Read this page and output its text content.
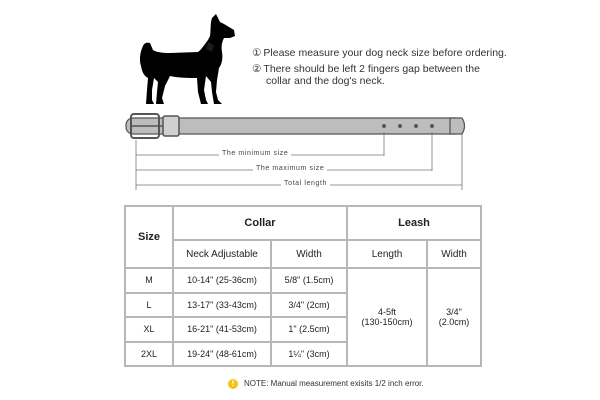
① Please measure your dog neck size before ordering.
② There should be left 2 fingers gap between the
collar and the dog's neck.
The minimum size
The maximum size
Total length
Size	Collar		Leash	
	Neck Adjustable	Width	Length	Width
M	10-14" (25-36cm)	5/8" (1.5cm)	4-5ft
(130-150cm)	3/4"
(2.0cm)
L	13-17" (33-43cm)	3/4" (2cm)		
XL	16-21" (41-53cm)	1" (2.5cm)		
2XL	19-24" (48-61cm)	1¼" (3cm)		
! NOTE: Manual measurement exisits 1/2 inch error.
